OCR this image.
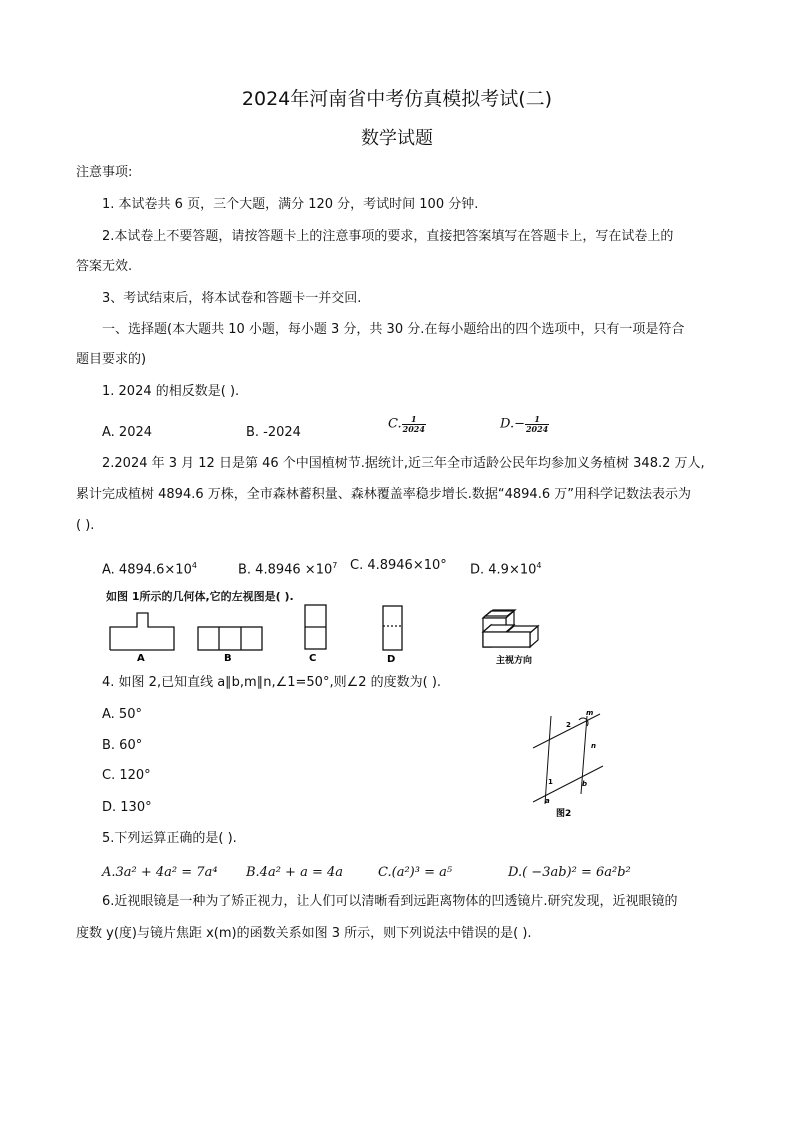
2024年河南省中考仿真模拟考试(二)
数学试题
注意事项:
1. 本试卷共 6 页，三个大题，满分 120 分，考试时间 100 分钟.
2.本试卷上不要答题，请按答题卡上的注意事项的要求，直接把答案填写在答题卡上，写在试卷上的
答案无效.
3、考试结束后，将本试卷和答题卡一并交回.
一、选择题(本大题共 10 小题，每小题 3 分，共 30 分.在每小题给出的四个选项中，只有一项是符合
题目要求的)
1. 2024 的相反数是( ).
A. 2024	B. -2024
C. $\frac{1}{2024}$	$D.- \frac{1}{2024}$
2.2024 年 3 月 12 日是第 46 个中国植树节.据统计,近三年全市适龄公民年均参加义务植树 348.2 万人,
累计完成植树 4894.6 万株，全市森林蓄积量、森林覆盖率稳步增长.数据“4894.6 万”用科学记数法表示为
( ).
A. $4894.6\times 10^4$	B. $4.8946 \times 10^7$ C. 4.8946×10° D. $4.9\times 10^4$
如图 1所示的几何体,它的左视图是( ).
A	B	C	D	主视方向
4. 如图 2,已知直线 a∥b,m∥n,∠1=50°,则∠2 的度数为( ).
A. 50°
B. 60°
C. 120°
D. 130°
m
n
a
b
1
2
图2
5.下列运算正确的是( ).
A.3a² + 4a² = 7a⁴ B.4a² + a = 4a	C.(a²)³ = a⁵	D.( −3ab)² = 6a²b²
6.近视眼镜是一种为了矫正视力，让人们可以清晰看到远距离物体的凹透镜片.研究发现，近视眼镜的
度数 y(度)与镜片焦距 x(m)的函数关系如图 3 所示，则下列说法中错误的是( ).
